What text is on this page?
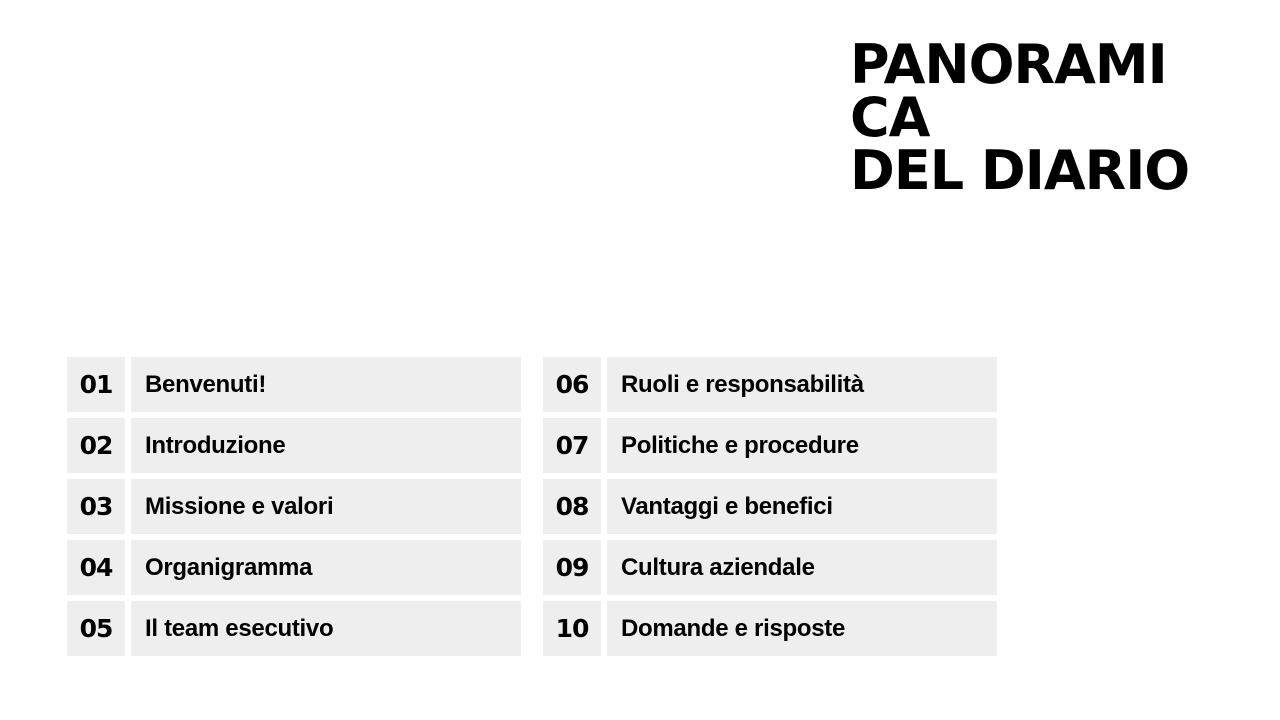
PANORAMI
CA
DEL DIARIO
01	Benvenuti!
02	Introduzione
03	Missione e valori
04	Organigramma
05	Il team esecutivo
06	Ruoli e responsabilità
07	Politiche e procedure
08	Vantaggi e benefici
09	Cultura aziendale
10	Domande e risposte
